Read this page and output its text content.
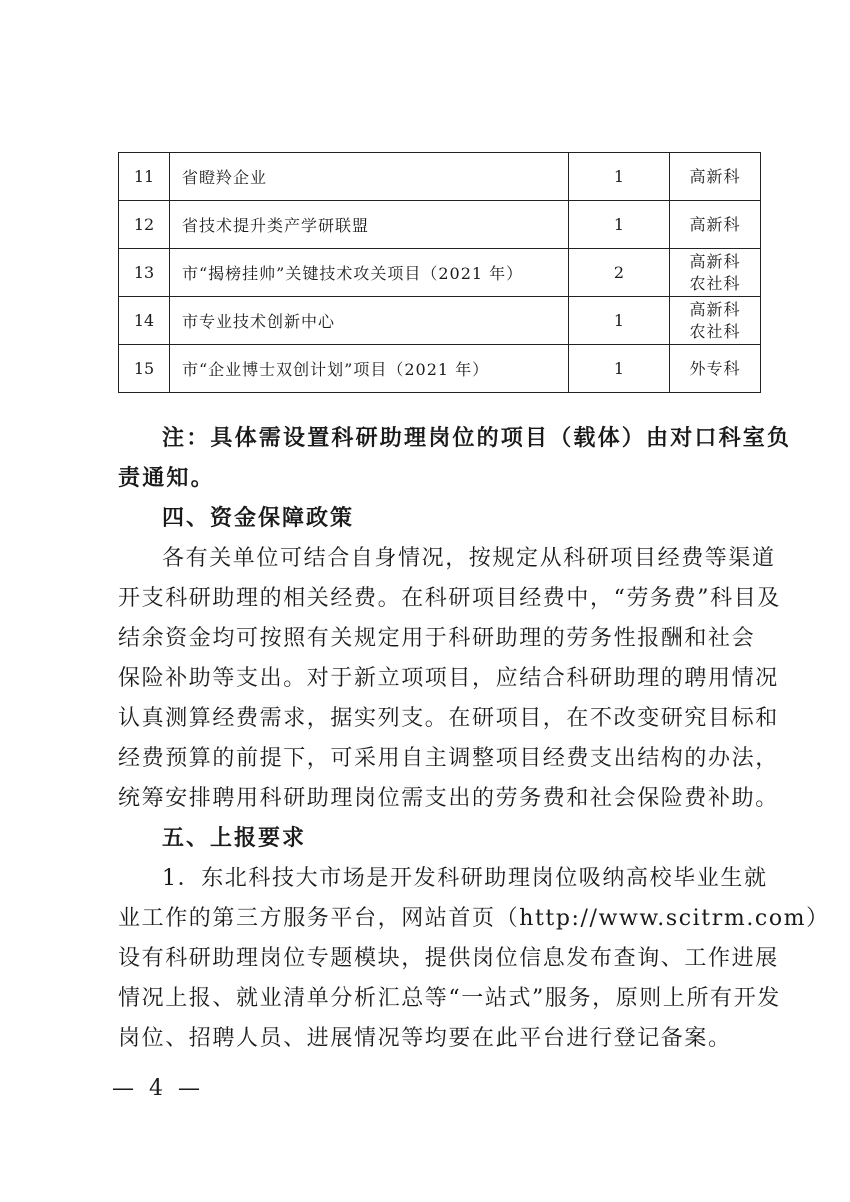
11	省瞪羚企业	1	高新科

12	省技术提升类产学研联盟	1	高新科

13	市“揭榜挂帅”关键技术攻关项目（2021 年）	2	高新科
农社科

14	市专业技术创新中心	1	高新科
农社科

15	市“企业博士双创计划”项目（2021 年）	1	外专科
注：具体需设置科研助理岗位的项目（载体）由对口科室负
责通知。
四、资金保障政策
各有关单位可结合自身情况，按规定从科研项目经费等渠道
开支科研助理的相关经费。在科研项目经费中，“劳务费”科目及
结余资金均可按照有关规定用于科研助理的劳务性报酬和社会
保险补助等支出。对于新立项项目，应结合科研助理的聘用情况
认真测算经费需求，据实列支。在研项目，在不改变研究目标和
经费预算的前提下，可采用自主调整项目经费支出结构的办法，
统筹安排聘用科研助理岗位需支出的劳务费和社会保险费补助。
五、上报要求
1．东北科技大市场是开发科研助理岗位吸纳高校毕业生就
业工作的第三方服务平台，网站首页（http://www.scitrm.com）
设有科研助理岗位专题模块，提供岗位信息发布查询、工作进展
情况上报、就业清单分析汇总等“一站式”服务，原则上所有开发
岗位、招聘人员、进展情况等均要在此平台进行登记备案。
— 4 —
